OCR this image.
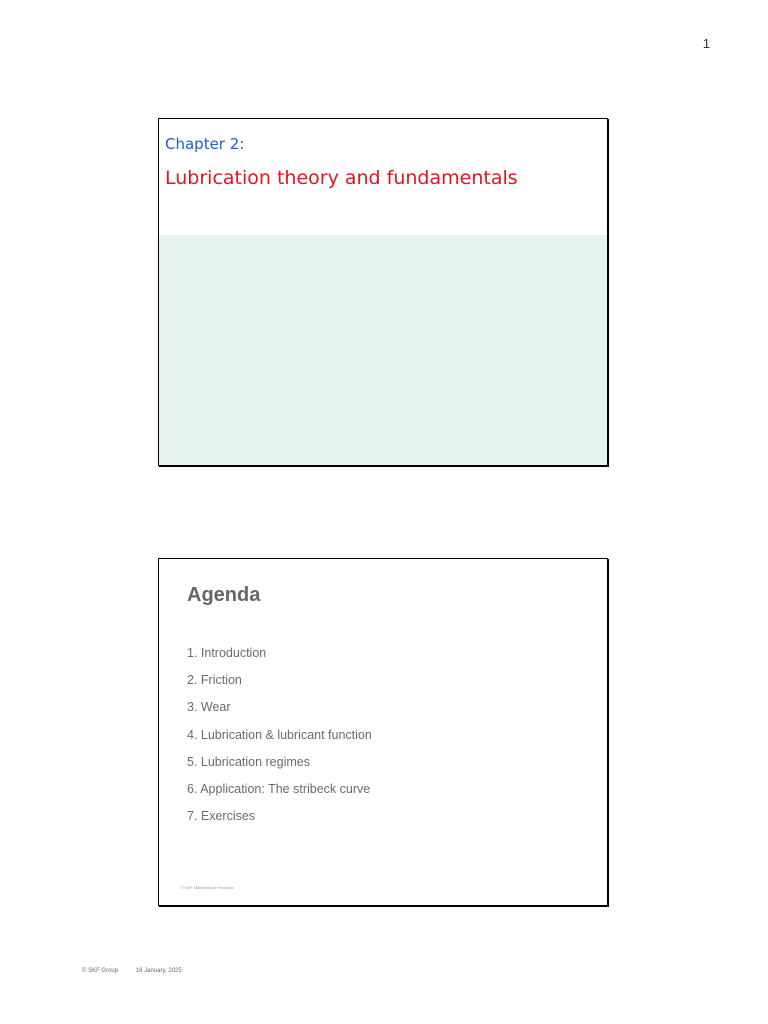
1
Chapter 2:
Lubrication theory and fundamentals
Agenda
1. Introduction
2. Friction
3. Wear
4. Lubrication & lubricant function
5. Lubrication regimes
6. Application: The stribeck curve
7. Exercises
© SKF Maintenance Products
© SKF Group	16 January, 2025
